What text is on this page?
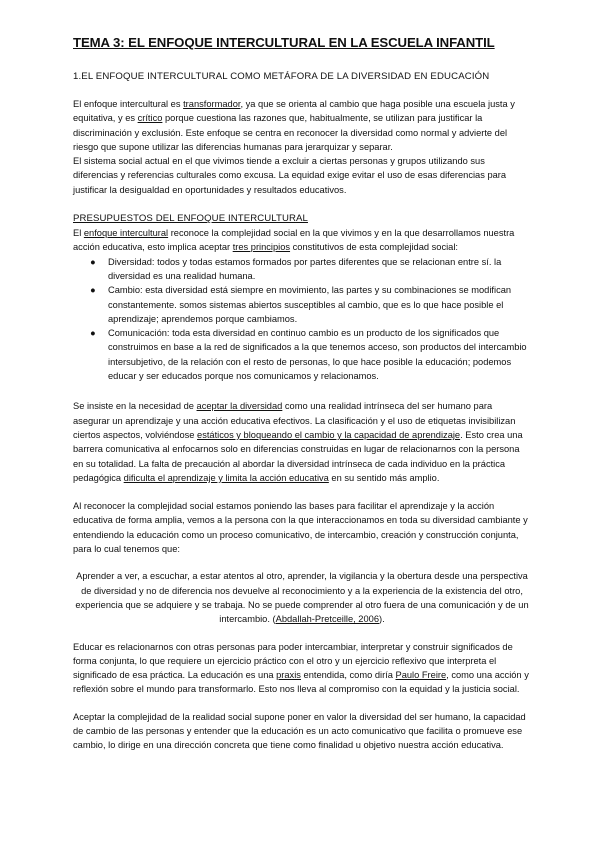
TEMA 3: EL ENFOQUE INTERCULTURAL EN LA ESCUELA INFANTIL
1.EL ENFOQUE INTERCULTURAL COMO METÁFORA DE LA DIVERSIDAD EN EDUCACIÓN

El enfoque intercultural es transformador, ya que se orienta al cambio que haga posible una escuela justa y equitativa, y es crítico porque cuestiona las razones que, habitualmente, se utilizan para justificar la discriminación y exclusión. Este enfoque se centra en reconocer la diversidad como normal y advierte del riesgo que supone utilizar las diferencias humanas para jerarquizar y separar.

El sistema social actual en el que vivimos tiende a excluir a ciertas personas y grupos utilizando sus diferencias y referencias culturales como excusa. La equidad exige evitar el uso de esas diferencias para justificar la desigualdad en oportunidades y resultados educativos.

PRESUPUESTOS DEL ENFOQUE INTERCULTURAL

El enfoque intercultural reconoce la complejidad social en la que vivimos y en la que desarrollamos nuestra acción educativa, esto implica aceptar tres principios constitutivos de esta complejidad social:

● Diversidad: todos y todas estamos formados por partes diferentes que se relacionan entre sí. la diversidad es una realidad humana.
● Cambio: esta diversidad está siempre en movimiento, las partes y su combinaciones se modifican constantemente. somos sistemas abiertos susceptibles al cambio, que es lo que hace posible el aprendizaje; aprendemos porque cambiamos.
● Comunicación: toda esta diversidad en continuo cambio es un producto de los significados que construimos en base a la red de significados a la que tenemos acceso, son productos del intercambio intersubjetivo, de la relación con el resto de personas, lo que hace posible la educación; podemos educar y ser educados porque nos comunicamos y relacionamos.

Se insiste en la necesidad de aceptar la diversidad como una realidad intrínseca del ser humano para asegurar un aprendizaje y una acción educativa efectivos. La clasificación y el uso de etiquetas invisibilizan ciertos aspectos, volviéndose estáticos y bloqueando el cambio y la capacidad de aprendizaje. Esto crea una barrera comunicativa al enfocarnos solo en diferencias construidas en lugar de relacionarnos con la persona en su totalidad. La falta de precaución al abordar la diversidad intrínseca de cada individuo en la práctica pedagógica dificulta el aprendizaje y limita la acción educativa en su sentido más amplio.

Al reconocer la complejidad social estamos poniendo las bases para facilitar el aprendizaje y la acción educativa de forma amplia, vemos a la persona con la que interaccionamos en toda su diversidad cambiante y entendiendo la educación como un proceso comunicativo, de intercambio, creación y construcción conjunta, para lo cual tenemos que:

Aprender a ver, a escuchar, a estar atentos al otro, aprender, la vigilancia y la obertura desde una perspectiva de diversidad y no de diferencia nos devuelve al reconocimiento y a la experiencia de la existencia del otro, experiencia que se adquiere y se trabaja. No se puede comprender al otro fuera de una comunicación y de un intercambio. (Abdallah-Pretceille, 2006).

Educar es relacionarnos con otras personas para poder intercambiar, interpretar y construir significados de forma conjunta, lo que requiere un ejercicio práctico con el otro y un ejercicio reflexivo que interpreta el significado de esa práctica. La educación es una praxis entendida, como diría Paulo Freire, como una acción y reflexión sobre el mundo para transformarlo. Esto nos lleva al compromiso con la equidad y la justicia social.

Aceptar la complejidad de la realidad social supone poner en valor la diversidad del ser humano, la capacidad de cambio de las personas y entender que la educación es un acto comunicativo que facilita o promueve ese cambio, lo dirige en una dirección concreta que tiene como finalidad u objetivo nuestra acción educativa.
